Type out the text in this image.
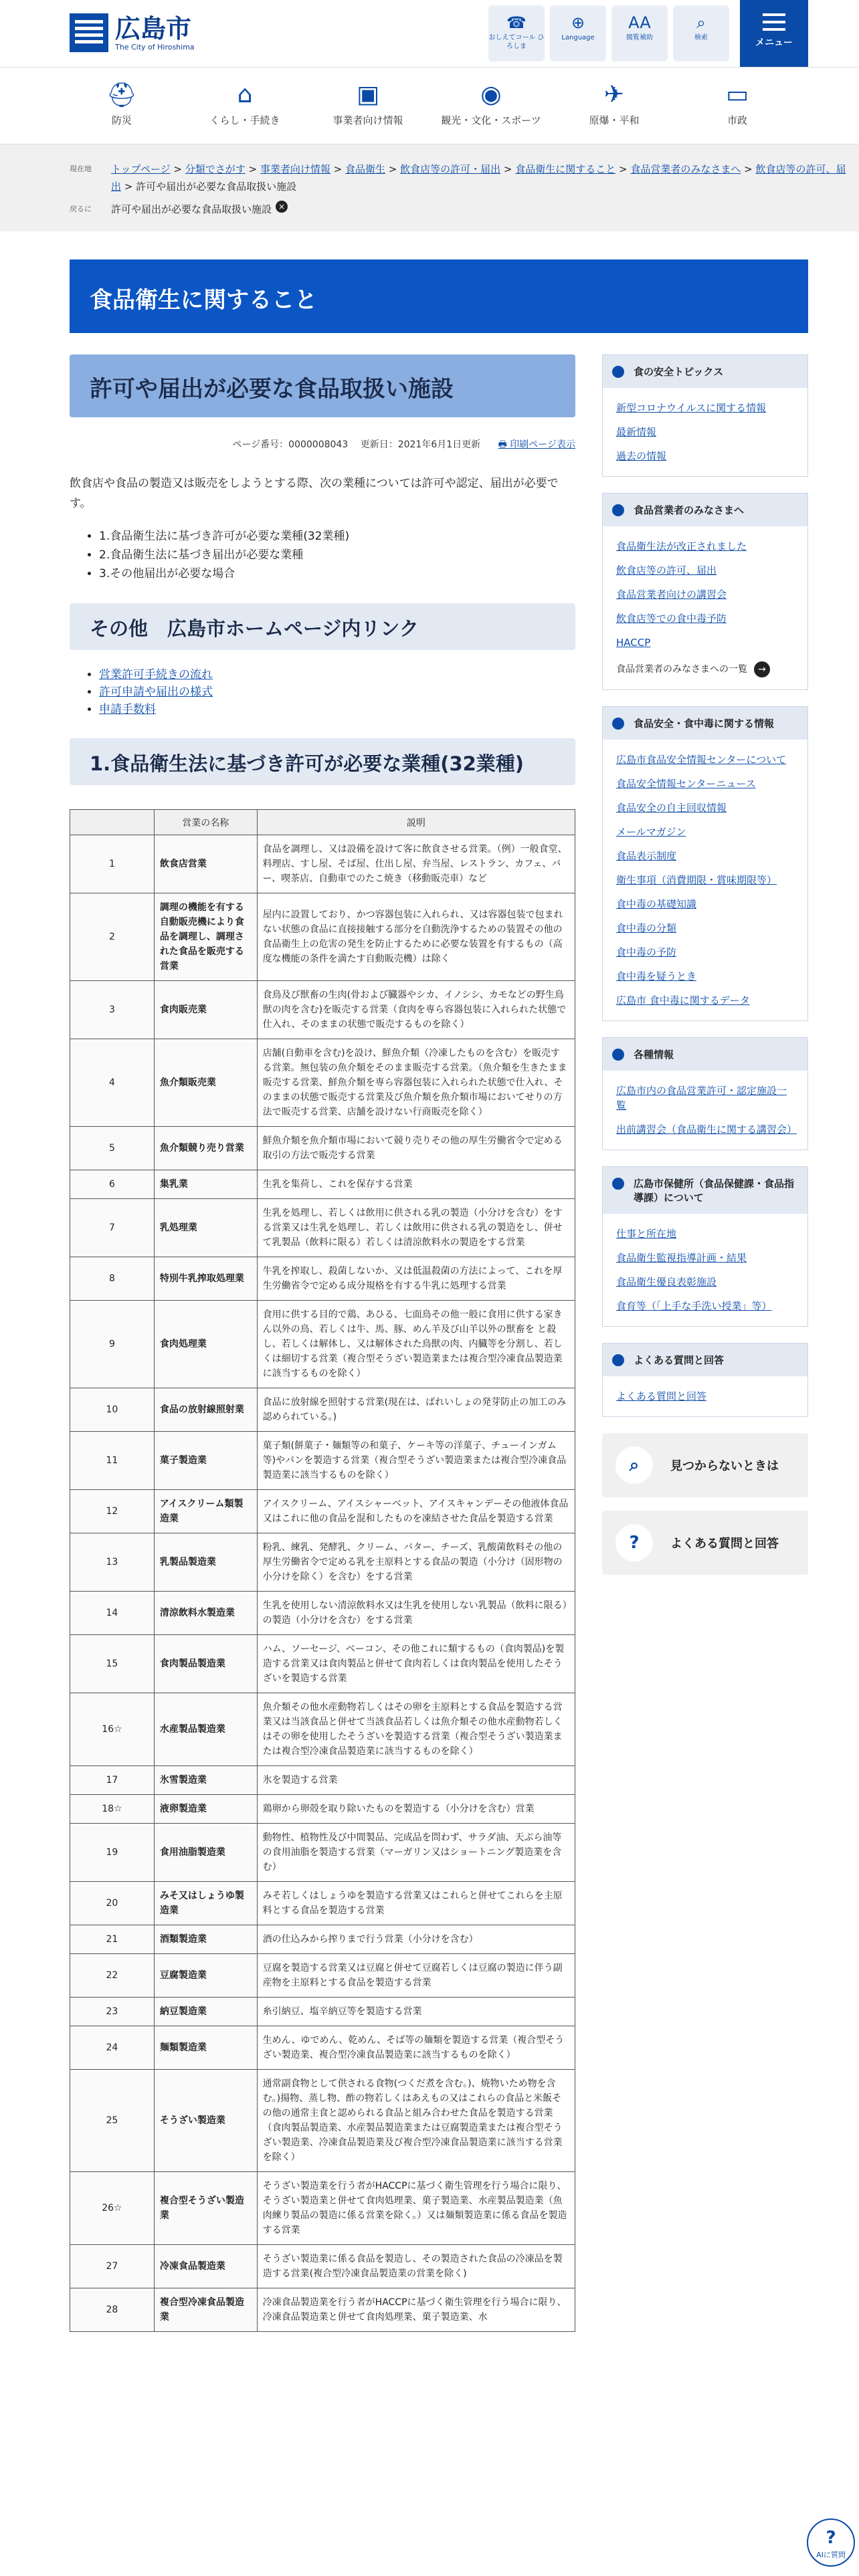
広島市
The City of Hiroshima
☎
おしえてコール ひろしま
⊕
Language
AA
閲覧補助
⌕
検索	メニュー
⛑
防災
⌂
くらし・手続き
▣
事業者向け情報
◉
観光・文化・スポーツ
✈
原爆・平和
▭
市政
現在地	トップページ > 分類でさがす > 事業者向け情報 > 食品衛生 > 飲食店等の許可・届出 > 食品衛生に関すること > 食品営業者のみなさまへ > 飲食店等の許可、届出 > 許可や届出が必要な食品取扱い施設
戻るに	許可や届出が必要な食品取扱い施設 ×
食品衛生に関すること
許可や届出が必要な食品取扱い施設
ページ番号：0000008043　 更新日：2021年6月1日更新　 🖶 印刷ページ表示

飲食店や食品の製造又は販売をしようとする際、次の業種については許可や認定、届出が必要です。

• 1.食品衛生法に基づき許可が必要な業種(32業種)
• 2.食品衛生法に基づき届出が必要な業種
• 3.その他届出が必要な場合
その他　広島市ホームページ内リンク
• 営業許可手続きの流れ
• 許可申請や届出の様式
• 申請手数料
1.食品衛生法に基づき許可が必要な業種(32業種)
	営業の名称	説明
1	飲食店営業	食品を調理し、又は設備を設けて客に飲食させる営業。（例）一般食堂、料理店、すし屋、そば屋、仕出し屋、弁当屋、レストラン、カフェ、バー、喫茶店、自動車でのたこ焼き（移動販売車）など
2	調理の機能を有する自動販売機により食品を調理し、調理された食品を販売する営業	屋内に設置しており、かつ容器包装に入れられ、又は容器包装で包まれない状態の食品に直接接触する部分を自動洗浄するための装置その他の食品衛生上の危害の発生を防止するために必要な装置を有するもの（高度な機能の条件を満たす自動販売機）は除く
3	食肉販売業	食鳥及び獣畜の生肉(骨および臓器やシカ、イノシシ、カモなどの野生鳥獣の肉を含む)を販売する営業（食肉を専ら容器包装に入れられた状態で仕入れ、そのままの状態で販売するものを除く）
4	魚介類販売業	店舗(自動車を含む)を設け、鮮魚介類（冷凍したものを含む）を販売する営業。無包装の魚介類をそのまま販売する営業。（魚介類を生きたまま販売する営業、鮮魚介類を専ら容器包装に入れられた状態で仕入れ、そのままの状態で販売する営業及び魚介類を魚介類市場においてせりの方法で販売する営業、店舗を設けない行商販売を除く）
5	魚介類競り売り営業	鮮魚介類を魚介類市場において競り売りその他の厚生労働省令で定める取引の方法で販売する営業
6	集乳業	生乳を集荷し、これを保存する営業
7	乳処理業	生乳を処理し、若しくは飲用に供される乳の製造（小分けを含む）をする営業又は生乳を処理し、若しくは飲用に供される乳の製造をし、併せて乳製品（飲料に限る）若しくは清涼飲料水の製造をする営業
8	特別牛乳搾取処理業	牛乳を搾取し、殺菌しないか、又は低温殺菌の方法によって、これを厚生労働省令で定める成分規格を有する牛乳に処理する営業
9	食肉処理業	食用に供する目的で鶏、あひる、七面鳥その他一般に食用に供する家きん以外の鳥、若しくは牛、馬、豚、めん羊及び山羊以外の獣畜を と殺し、若しくは解体し、又は解体された鳥獣の肉、内臓等を分割し、若しくは細切する営業（複合型そうざい製造業または複合型冷凍食品製造業に該当するものを除く）
10	食品の放射線照射業	食品に放射線を照射する営業(現在は、ばれいしょの発芽防止の加工のみ認められている。)
11	菓子製造業	菓子類(餅菓子・麺類等の和菓子、ケーキ等の洋菓子、チューインガム等)やパンを製造する営業（複合型そうざい製造業または複合型冷凍食品製造業に該当するものを除く）
12	アイスクリーム類製造業	アイスクリーム、アイスシャーベット、アイスキャンデーその他液体食品又はこれに他の食品を混和したものを凍結させた食品を製造する営業
13	乳製品製造業	粉乳、練乳、発酵乳、クリーム、バター、チーズ、乳酸菌飲料その他の厚生労働省令で定める乳を主原料とする食品の製造（小分け（固形物の小分けを除く）を含む）をする営業
14	清涼飲料水製造業	生乳を使用しない清涼飲料水又は生乳を使用しない乳製品（飲料に限る）の製造（小分けを含む）をする営業
15	食肉製品製造業	ハム、ソーセージ、ベーコン、その他これに類するもの（食肉製品)を製造する営業又は食肉製品と併せて食肉若しくは食肉製品を使用したそうざいを製造する営業
16☆	水産製品製造業	魚介類その他水産動物若しくはその卵を主原料とする食品を製造する営業又は当該食品と併せて当該食品若しくは魚介類その他水産動物若しくはその卵を使用したそうざいを製造する営業（複合型そうざい製造業または複合型冷凍食品製造業に該当するものを除く）
17	氷雪製造業	氷を製造する営業
18☆	液卵製造業	鶏卵から卵殻を取り除いたものを製造する（小分けを含む）営業
19	食用油脂製造業	動物性、植物性及び中間製品、完成品を問わず、サラダ油、天ぷら油等の食用油脂を製造する営業（マーガリン又はショートニング製造業を含む）
20	みそ又はしょうゆ製造業	みそ若しくはしょうゆを製造する営業又はこれらと併せてこれらを主原料とする食品を製造する営業
21	酒類製造業	酒の仕込みから搾りまで行う営業（小分けを含む）
22	豆腐製造業	豆腐を製造する営業又は豆腐と併せて豆腐若しくは豆腐の製造に伴う副産物を主原料とする食品を製造する営業
23	納豆製造業	糸引納豆、塩辛納豆等を製造する営業
24	麺類製造業	生めん、ゆでめん、乾めん、そば等の麺類を製造する営業（複合型そうざい製造業、複合型冷凍食品製造業に該当するものを除く）
25	そうざい製造業	通常副食物として供される食物(つくだ煮を含む。)、焼物いため物を含む。)揚物、蒸し物、酢の物若しくはあえもの又はこれらの食品と米飯その他の通常主食と認められる食品と組み合わせた食品を製造する営業（食肉製品製造業、水産製品製造業または豆腐製造業または複合型そうざい製造業、冷凍食品製造業及び複合型冷凍食品製造業に該当する営業を除く）
26☆	複合型そうざい製造業	そうざい製造業を行う者がHACCPに基づく衛生管理を行う場合に限り、そうざい製造業と併せて食肉処理業、菓子製造業、水産製品製造業（魚肉練り製品の製造に係る営業を除く。）又は麺類製造業に係る食品を製造する営業
27	冷凍食品製造業	そうざい製造業に係る食品を製造し、その製造された食品の冷凍品を製造する営業(複合型冷凍食品製造業の営業を除く)
28	複合型冷凍食品製造業	冷凍食品製造業を行う者がHACCPに基づく衛生管理を行う場合に限り、冷凍食品製造業と併せて食肉処理業、菓子製造業、水
食の安全トピックス
新型コロナウイルスに関する情報
最新情報
過去の情報
食品営業者のみなさまへ
食品衛生法が改正されました
飲食店等の許可、届出
食品営業者向けの講習会
飲食店等での食中毒予防
HACCP
食品営業者のみなさまへの一覧 →
食品安全・食中毒に関する情報
広島市食品安全情報センターについて
食品安全情報センターニュース
食品安全の自主回収情報
メールマガジン
食品表示制度
衛生事項（消費期限・賞味期限等）
食中毒の基礎知識
食中毒の分類
食中毒の予防
食中毒を疑うとき
広島市 食中毒に関するデータ
各種情報
広島市内の食品営業許可・認定施設一覧
出前講習会（食品衛生に関する講習会）
広島市保健所（食品保健課・食品指導課）について
仕事と所在地
食品衛生監視指導計画・結果
食品衛生優良表彰施設
食育等（「上手な手洗い授業」等）
よくある質問と回答
よくある質問と回答
⌕	見つからないときは
?	よくある質問と回答
?
AIに質問
